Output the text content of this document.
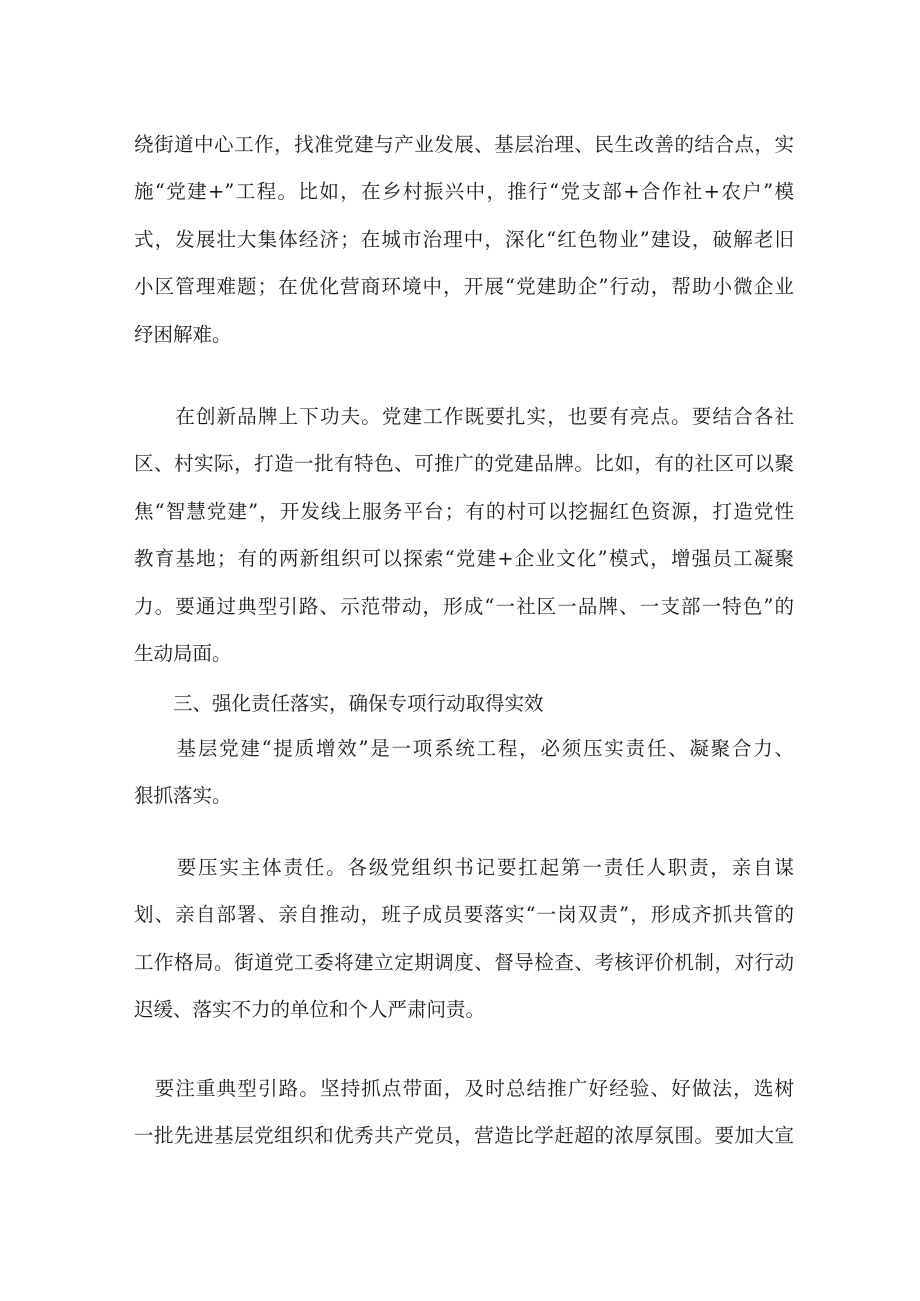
绕街道中心工作，找准党建与产业发展、基层治理、民生改善的结合点，实
施“党建+”工程。比如，在乡村振兴中，推行“党支部+合作社+农户”模
式，发展壮大集体经济；在城市治理中，深化“红色物业”建设，破解老旧
小区管理难题；在优化营商环境中，开展“党建助企”行动，帮助小微企业
纾困解难。
　　在创新品牌上下功夫。党建工作既要扎实，也要有亮点。要结合各社
区、村实际，打造一批有特色、可推广的党建品牌。比如，有的社区可以聚
焦“智慧党建”，开发线上服务平台；有的村可以挖掘红色资源，打造党性
教育基地；有的两新组织可以探索“党建+企业文化”模式，增强员工凝聚
力。要通过典型引路、示范带动，形成“一社区一品牌、一支部一特色”的
生动局面。
　　三、强化责任落实，确保专项行动取得实效
　　基层党建“提质增效”是一项系统工程，必须压实责任、凝聚合力、
狠抓落实。
　　要压实主体责任。各级党组织书记要扛起第一责任人职责，亲自谋
划、亲自部署、亲自推动，班子成员要落实“一岗双责”，形成齐抓共管的
工作格局。街道党工委将建立定期调度、督导检查、考核评价机制，对行动
迟缓、落实不力的单位和个人严肃问责。
　要注重典型引路。坚持抓点带面，及时总结推广好经验、好做法，选树
一批先进基层党组织和优秀共产党员，营造比学赶超的浓厚氛围。要加大宣
